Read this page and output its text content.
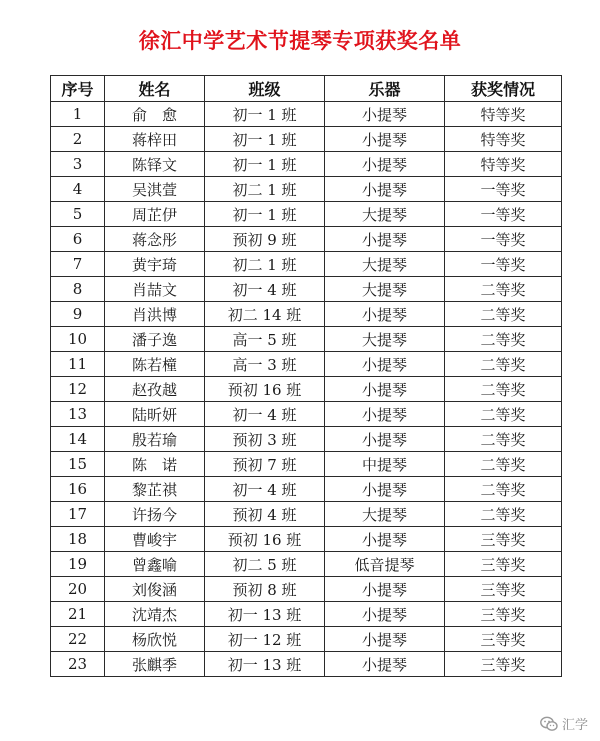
徐汇中学艺术节提琴专项获奖名单
序号	姓名	班级	乐器	获奖情况
1	俞　愈	初一 1 班	小提琴	特等奖
2	蒋梓田	初一 1 班	小提琴	特等奖
3	陈铎文	初一 1 班	小提琴	特等奖
4	吴淇萱	初二 1 班	小提琴	一等奖
5	周芷伊	初一 1 班	大提琴	一等奖
6	蒋念彤	预初 9 班	小提琴	一等奖
7	黄宇琦	初二 1 班	大提琴	一等奖
8	肖喆文	初一 4 班	大提琴	二等奖
9	肖洪博	初二 14 班	小提琴	二等奖
10	潘子逸	高一 5 班	大提琴	二等奖
11	陈若橦	高一 3 班	小提琴	二等奖
12	赵孜越	预初 16 班	小提琴	二等奖
13	陆昕妍	初一 4 班	小提琴	二等奖
14	殷若瑜	预初 3 班	小提琴	二等奖
15	陈　诺	预初 7 班	中提琴	二等奖
16	黎芷祺	初一 4 班	小提琴	二等奖
17	许扬今	预初 4 班	大提琴	二等奖
18	曹峻宇	预初 16 班	小提琴	三等奖
19	曾鑫喻	初二 5 班	低音提琴	三等奖
20	刘俊涵	预初 8 班	小提琴	三等奖
21	沈靖杰	初一 13 班	小提琴	三等奖
22	杨欣悦	初一 12 班	小提琴	三等奖
23	张麒季	初一 13 班	小提琴	三等奖
汇学
